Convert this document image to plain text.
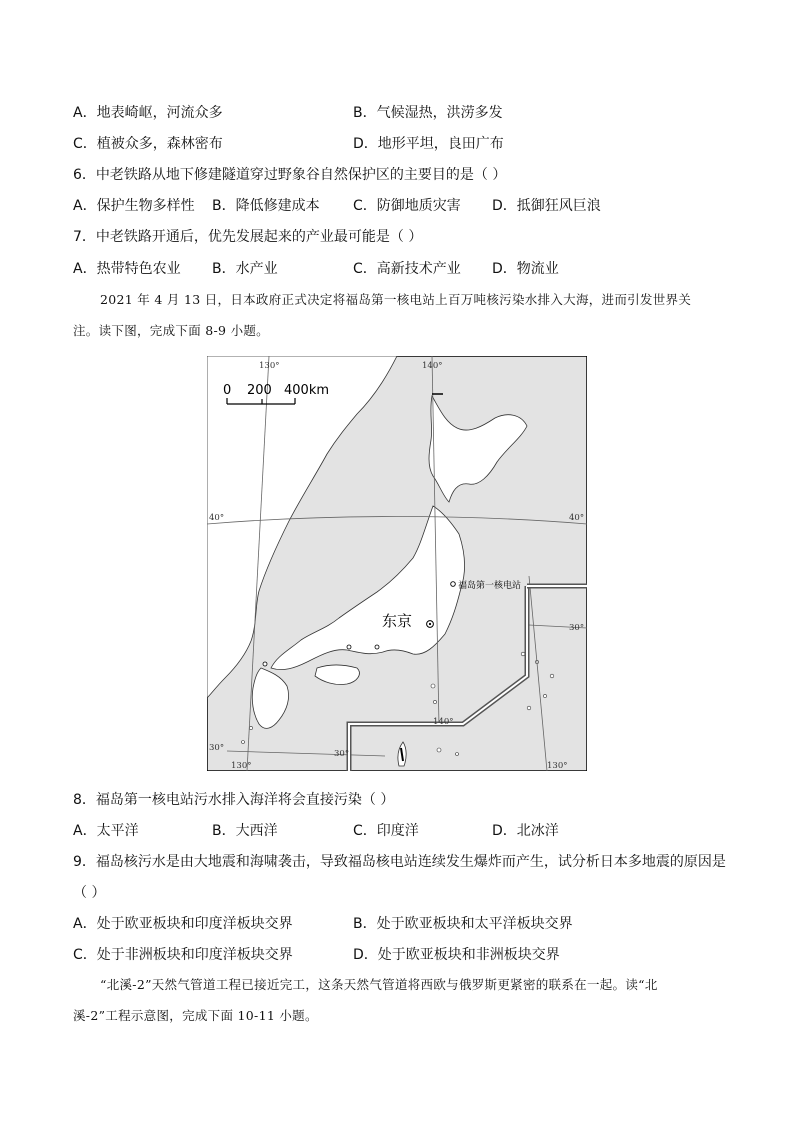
A．地表崎岖，河流众多	B．气候湿热，洪涝多发
C．植被众多，森林密布	D．地形平坦，良田广布
6．中老铁路从地下修建隧道穿过野象谷自然保护区的主要目的是（ ）
A．保护生物多样性 B．降低修建成本 C．防御地质灾害 D．抵御狂风巨浪
7．中老铁路开通后，优先发展起来的产业最可能是（ ）
A．热带特色农业 B．水产业	C．高新技术产业 D．物流业
2021 年 4 月 13 日，日本政府正式决定将福岛第一核电站上百万吨核污染水排入大海，进而引发世界关
注。读下图，完成下面 8-9 小题。
0 200 400km
130°	140°
40°	40°
30°
30°
30°
140°
130°	130°
福岛第一核电站
东京
8．福岛第一核电站污水排入海洋将会直接污染（ ）
A．太平洋	B．大西洋	C．印度洋	D．北冰洋
9．福岛核污水是由大地震和海啸袭击，导致福岛核电站连续发生爆炸而产生，试分析日本多地震的原因是
（ ）
A．处于欧亚板块和印度洋板块交界	B．处于欧亚板块和太平洋板块交界
C．处于非洲板块和印度洋板块交界	D．处于欧亚板块和非洲板块交界
“北溪-2”天然气管道工程已接近完工，这条天然气管道将西欧与俄罗斯更紧密的联系在一起。读“北
溪-2”工程示意图，完成下面 10-11 小题。
